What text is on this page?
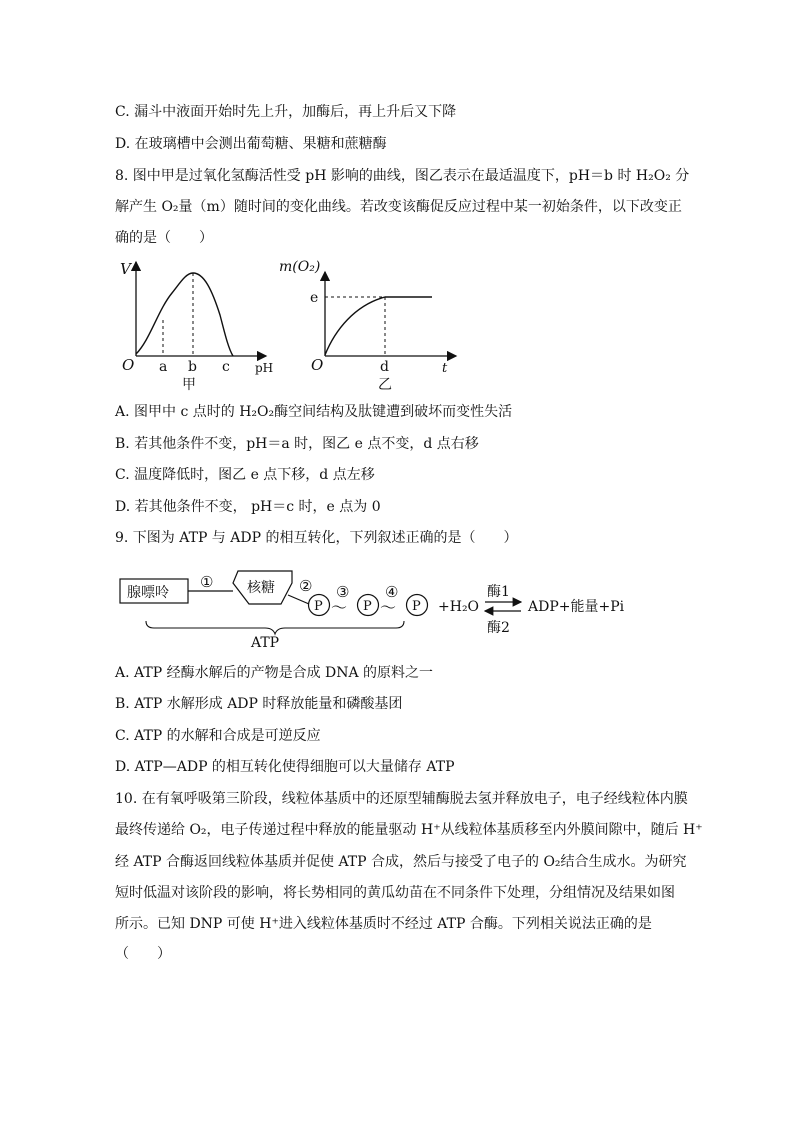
C. 漏斗中液面开始时先上升，加酶后，再上升后又下降
D. 在玻璃槽中会测出葡萄糖、果糖和蔗糖酶
8. 图中甲是过氧化氢酶活性受 pH 影响的曲线，图乙表示在最适温度下，pH＝b 时 H₂O₂ 分
解产生 O₂量（m）随时间的变化曲线。若改变该酶促反应过程中某一初始条件，以下改变正
确的是（　　）
V
O a b c pH
甲
m(O₂)
O
e
d	t
乙
A. 图甲中 c 点时的 H₂O₂酶空间结构及肽键遭到破坏而变性失活
B. 若其他条件不变，pH＝a 时，图乙 e 点不变，d 点右移
C. 温度降低时，图乙 e 点下移，d 点左移
D. 若其他条件不变， pH＝c 时，e 点为 0
9. 下图为 ATP 与 ADP 的相互转化，下列叙述正确的是（　　）
腺嘌呤
① 核糖 ②
P ～
③
P ～
④
P +H₂O
酶1
酶2
ADP+能量+Pi
ATP
A. ATP 经酶水解后的产物是合成 DNA 的原料之一
B. ATP 水解形成 ADP 时释放能量和磷酸基团
C. ATP 的水解和合成是可逆反应
D. ATP—ADP 的相互转化使得细胞可以大量储存 ATP
10. 在有氧呼吸第三阶段，线粒体基质中的还原型辅酶脱去氢并释放电子，电子经线粒体内膜
最终传递给 O₂，电子传递过程中释放的能量驱动 H⁺从线粒体基质移至内外膜间隙中，随后 H⁺
经 ATP 合酶返回线粒体基质并促使 ATP 合成，然后与接受了电子的 O₂结合生成水。为研究
短时低温对该阶段的影响，将长势相同的黄瓜幼苗在不同条件下处理，分组情况及结果如图
所示。已知 DNP 可使 H⁺进入线粒体基质时不经过 ATP 合酶。下列相关说法正确的是
（　　）
